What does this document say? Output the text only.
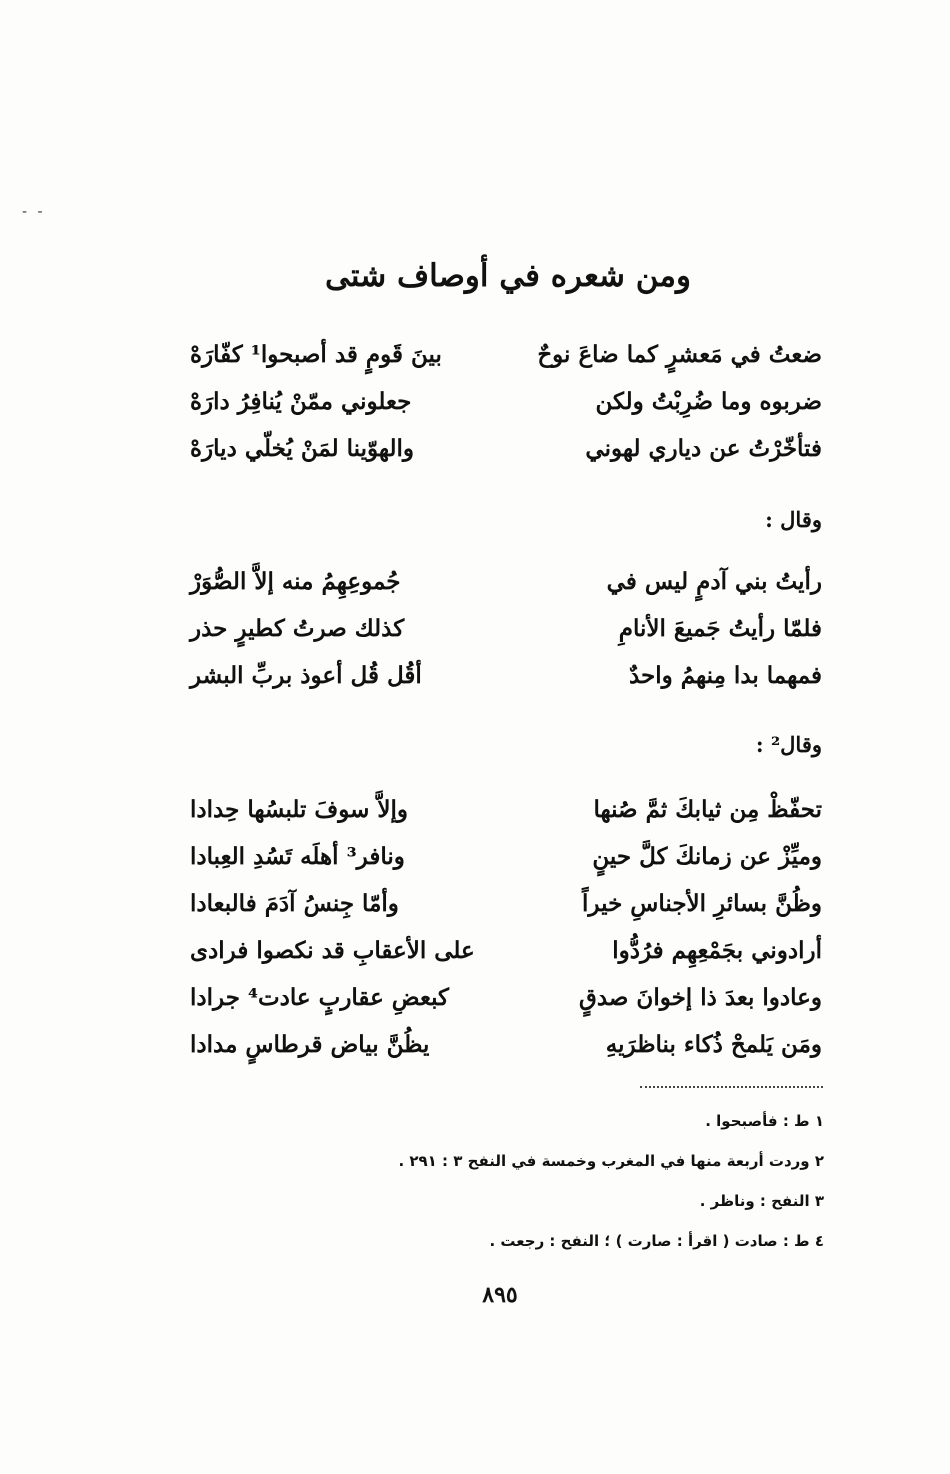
- -
ومن شعره في أوصاف شتى
ضعتُ في مَعشرٍ كما ضاعَ نوحٌ
بينَ قَومٍ قد أصبحوا¹ كفّارَهْ
ضربوه وما ضُرِبْتُ ولكن
جعلوني ممّنْ يُنافِرُ دارَهْ
فتأخّرْتُ عن دياري لهوني
والهوّينا لمَنْ يُخلّي ديارَهْ
وقال :
رأيتُ بني آدمٍ ليس في
جُموعِهِمُ منه إلاَّ الصُّوَرْ
فلمّا رأيتُ جَميعَ الأنامِ
كذلك صرتُ كطيرٍ حذر
فمهما بدا مِنهمُ واحدٌ
أقُل قُل أعوذ بربِّ البشر
وقال² :
تحفّظْ مِن ثيابكَ ثمَّ صُنها
وإلاَّ سوفَ تلبسُها حِدادا
وميِّزْ عن زمانكَ كلَّ حينٍ
ونافر³ أهلَه تَسُدِ العِبادا
وظُنَّ بسائرِ الأجناسِ خيراً
وأمّا جِنسُ آدَمَ فالبعادا
أرادوني بجَمْعِهِم فرُدُّوا
على الأعقابِ قد نكصوا فرادى
وعادوا بعدَ ذا إخوانَ صدقٍ
كبعضِ عقاربٍ عادت⁴ جرادا
ومَن يَلمحْ ذُكاء بناظرَيهِ
يظُنَّ بياض قرطاسٍ مدادا
١ ط : فأصبحوا .
٢ وردت أربعة منها في المغرب وخمسة في النفح ٣ : ٢٩١ .
٣ النفح : وناظر .
٤ ط : صادت ( اقرأ : صارت ) ؛ النفح : رجعت .
٨٩٥
